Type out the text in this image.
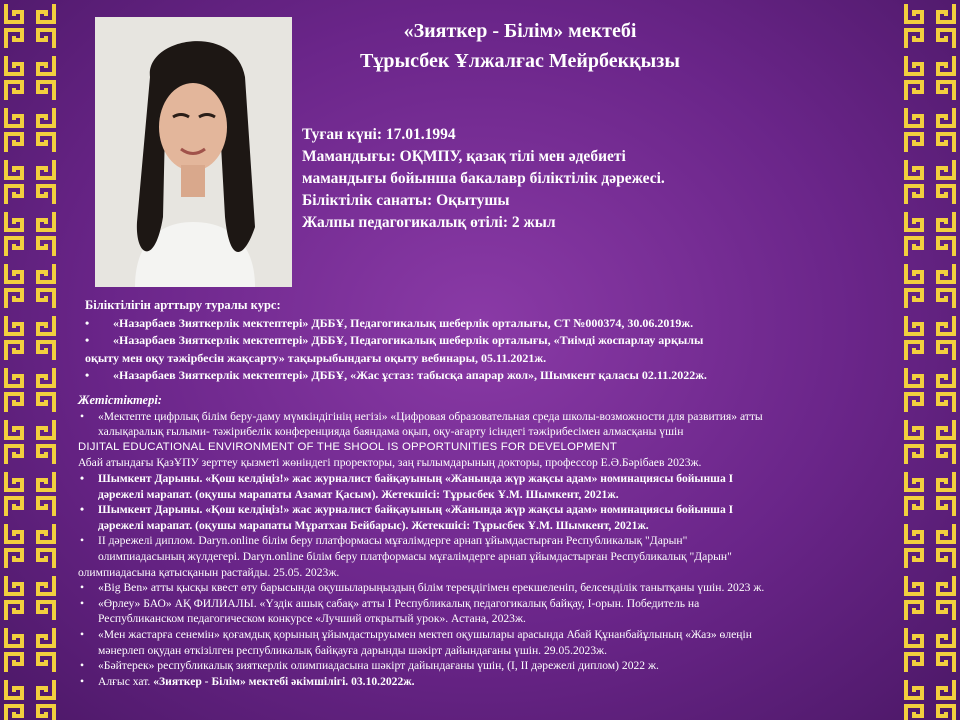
«Зияткер - Білім» мектебі
Тұрысбек Ұлжалғас Мейрбекқызы
Туған күні: 17.01.1994
Мамандығы: ОҚМПУ, қазақ тілі мен әдебиеті
мамандығы бойынша бакалавр біліктілік дәрежесі.
Біліктілік санаты: Оқытушы
Жалпы педагогикалық өтілі: 2 жыл
Біліктілігін арттыру туралы курс:
• «Назарбаев Зияткерлік мектептері» ДББҰ, Педагогикалық шеберлік орталығы, СТ №000374, 30.06.2019ж.
• «Назарбаев Зияткерлік мектептері» ДББҰ, Педагогикалық шеберлік орталығы, «Тиімді жоспарлау арқылы
оқыту мен оқу тәжірбесін жақсарту» тақырыбындағы оқыту вебинары, 05.11.2021ж.
• «Назарбаев Зияткерлік мектептері» ДББҰ, «Жас ұстаз: табысқа апарар жол», Шымкент қаласы 02.11.2022ж.
Жетістіктері:
• «Мектепте цифрлық білім беру-даму мүмкіндігінің негізі» «Цифровая образовательная среда школы-возможности для развития» атты
халықаралық ғылыми- тәжірибелік конференцияда баяндама оқып, оқу-ағарту ісіндегі тәжірибесімен алмасқаны үшін
DIJITAL EDUCATIONAL ENVIRONMENT OF THE SHOOL IS OPPORTUNITIES FOR DEVELOPMENT
Абай атындағы ҚазҰПУ зерттеу қызметі жөніндегі проректоры, заң ғылымдарының докторы, профессор Е.Ә.Бәрібаев 2023ж.
• Шымкент Дарыны. «Қош келдіңіз!» жас журналист байқауының «Жанында жүр жақсы адам» номинациясы бойынша I
дәрежелі марапат. (оқушы марапаты Азамат Қасым). Жетекшісі: Тұрысбек Ұ.М. Шымкент, 2021ж.
• Шымкент Дарыны. «Қош келдіңіз!» жас журналист байқауының «Жанында жүр жақсы адам» номинациясы бойынша I
дәрежелі марапат. (оқушы марапаты Мұратхан Бейбарыс). Жетекшісі: Тұрысбек Ұ.М. Шымкент, 2021ж.
• II дәрежелі диплом. Daryn.online білім беру платформасы мұғалімдерге арнап ұйымдастырған Республикалық "Дарын"
олимпиадасының жүлдегері. Daryn.online білім беру платформасы мұғалімдерге арнап ұйымдастырған Республикалық "Дарын"
олимпиадасына қатысқанын растайды. 25.05. 2023ж.
• «Big Ben» атты қысқы квест өту барысында оқушыларыңыздың білім тереңдігімен ерекшеленіп, белсенділік танытқаны үшін. 2023 ж.
• «Өрлеу» БАО» АҚ ФИЛИАЛЫ. «Үздік ашық сабақ» атты І Республикалық педагогикалық байқау, I-орын. Победитель на
Республиканском педагогическом конкурсе «Лучший открытый урок». Астана, 2023ж.
• «Мен жастарға сенемін» қоғамдық қорының ұйымдастыруымен мектеп оқушылары арасында Абай Құнанбайұлының «Жаз» өлеңін
мәнерлеп оқудан өткізілген республикалық байқауға дарынды шәкірт дайындағаны үшін. 29.05.2023ж.
• «Бәйтерек» республикалық зияткерлік олимпиадасына шәкірт дайындағаны үшін, (I, II дәрежелі диплом) 2022 ж.
• Алғыс хат. «Зияткер - Білім» мектебі әкімшілігі. 03.10.2022ж.
